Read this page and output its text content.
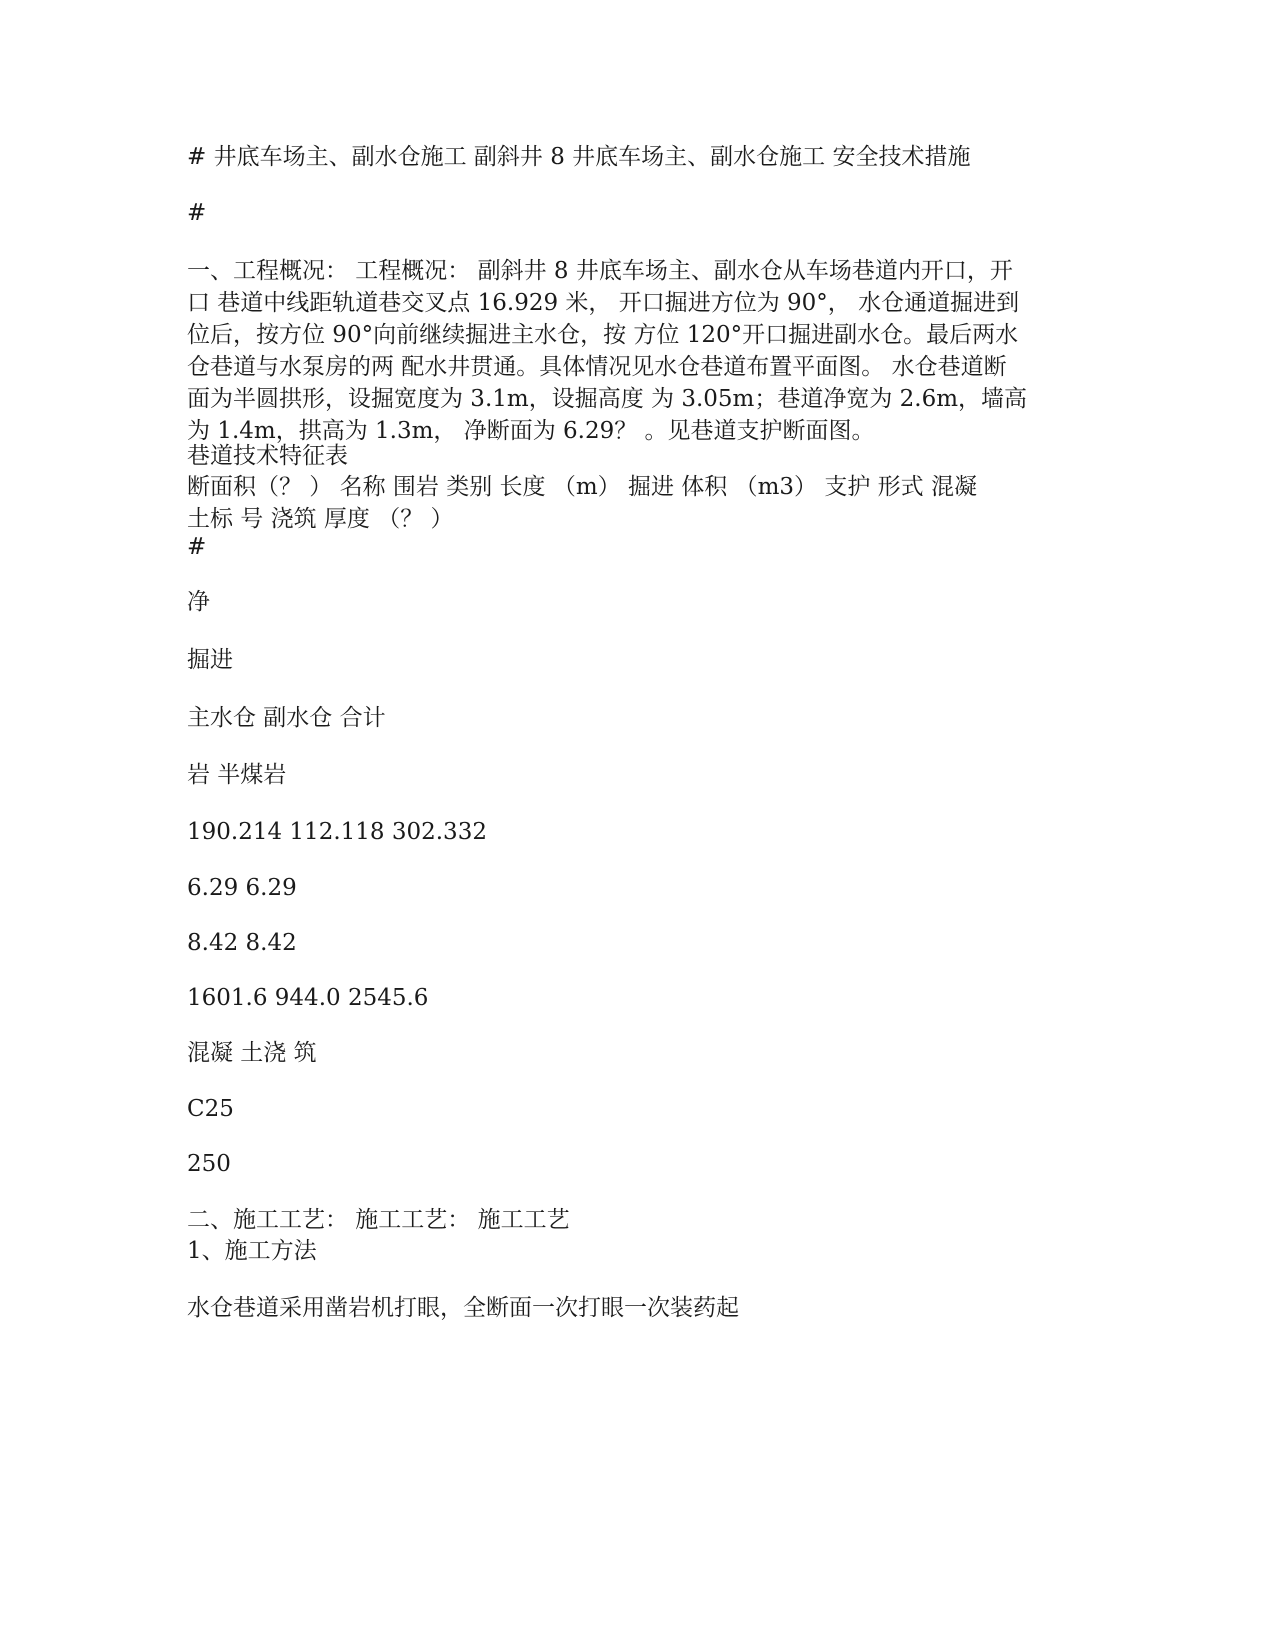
# 井底车场主、副水仓施工 副斜井 8 井底车场主、副水仓施工 安全技术措施
#
一、工程概况： 工程概况： 副斜井 8 井底车场主、副水仓从车场巷道内开口，开
口 巷道中线距轨道巷交叉点 16.929 米， 开口掘进方位为 90°， 水仓通道掘进到
位后，按方位 90°向前继续掘进主水仓，按 方位 120°开口掘进副水仓。最后两水
仓巷道与水泵房的两 配水井贯通。具体情况见水仓巷道布置平面图。 水仓巷道断
面为半圆拱形，设掘宽度为 3.1m，设掘高度 为 3.05m；巷道净宽为 2.6m，墙高
为 1.4m，拱高为 1.3m， 净断面为 6.29？ 。见巷道支护断面图。
巷道技术特征表
断面积（？ ） 名称 围岩 类别 长度 （m） 掘进 体积 （m3） 支护 形式 混凝
土标 号 浇筑 厚度 （？ ）
#
净
掘进
主水仓 副水仓 合计
岩 半煤岩
190.214 112.118 302.332
6.29 6.29
8.42 8.42
1601.6 944.0 2545.6
混凝 土浇 筑
C25
250
二、施工工艺： 施工工艺： 施工工艺
1、施工方法
水仓巷道采用凿岩机打眼，全断面一次打眼一次装药起
